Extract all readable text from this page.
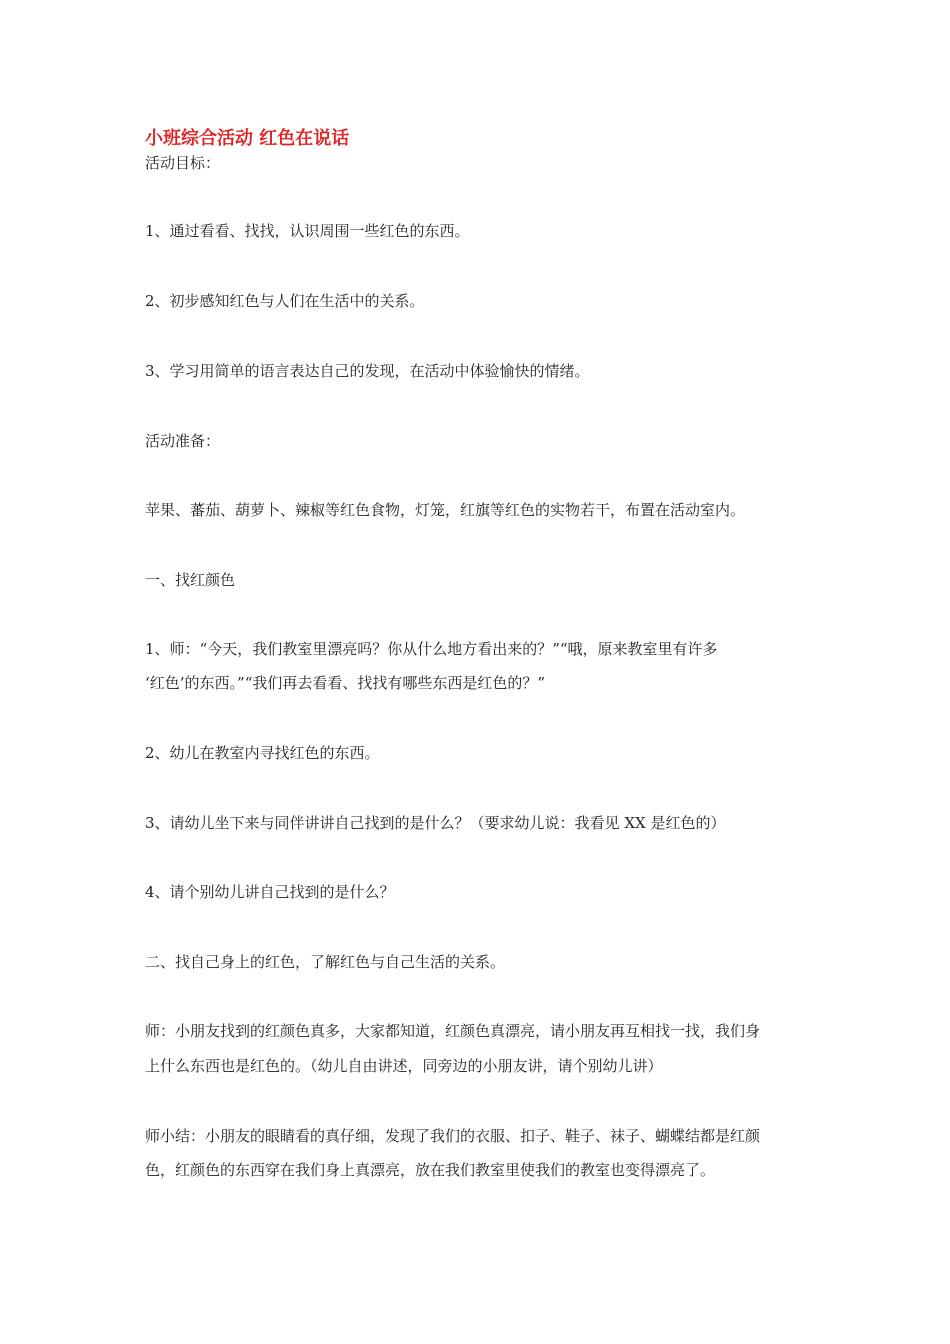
小班综合活动 红色在说话
活动目标：
1、通过看看、找找，认识周围一些红色的东西。
2、初步感知红色与人们在生活中的关系。
3、学习用简单的语言表达自己的发现，在活动中体验愉快的情绪。
活动准备：
苹果、蕃茄、葫萝卜、辣椒等红色食物，灯笼，红旗等红色的实物若干，布置在活动室内。
一、找红颜色
1、师：“今天，我们教室里漂亮吗？你从什么地方看出来的？”“哦，原来教室里有许多
‘红色’的东西。”“我们再去看看、找找有哪些东西是红色的？”
2、幼儿在教室内寻找红色的东西。
3、请幼儿坐下来与同伴讲讲自己找到的是什么？（要求幼儿说：我看见 XX 是红色的）
4、请个别幼儿讲自己找到的是什么？
二、找自己身上的红色，了解红色与自己生活的关系。
师：小朋友找到的红颜色真多，大家都知道，红颜色真漂亮，请小朋友再互相找一找，我们身
上什么东西也是红色的。（幼儿自由讲述，同旁边的小朋友讲，请个别幼儿讲）
师小结：小朋友的眼睛看的真仔细，发现了我们的衣服、扣子、鞋子、袜子、蝴蝶结都是红颜
色，红颜色的东西穿在我们身上真漂亮，放在我们教室里使我们的教室也变得漂亮了。
